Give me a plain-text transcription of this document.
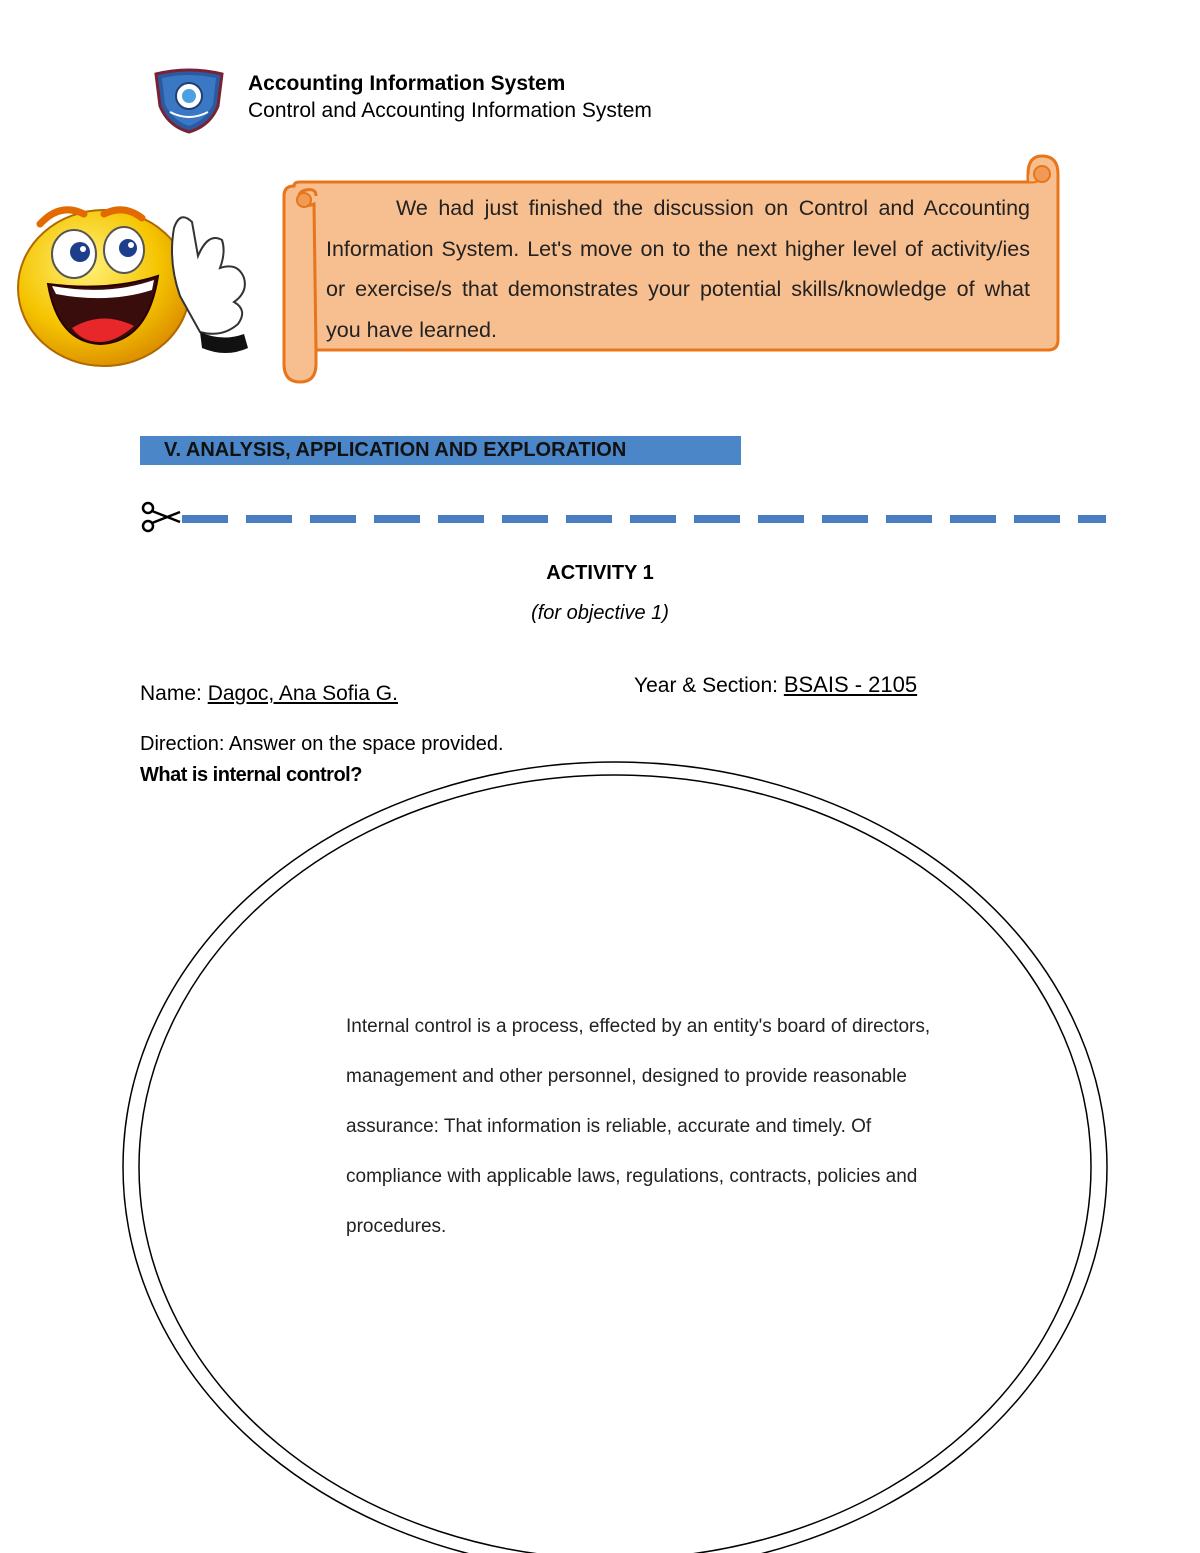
Accounting Information System
Control and Accounting Information System
We had just finished the discussion on Control and Accounting Information System. Let's move on to the next higher level of activity/ies or exercise/s that demonstrates your potential skills/knowledge of what you have learned.
V. ANALYSIS, APPLICATION AND EXPLORATION
ACTIVITY 1
(for objective 1)
Name: Dagoc, Ana Sofia G.	Year & Section: BSAIS - 2105
Direction: Answer on the space provided.
What is internal control?
Internal control is a process, effected by an entity's board of directors, management and other personnel, designed to provide reasonable assurance: That information is reliable, accurate and timely. Of compliance with applicable laws, regulations, contracts, policies and procedures.
